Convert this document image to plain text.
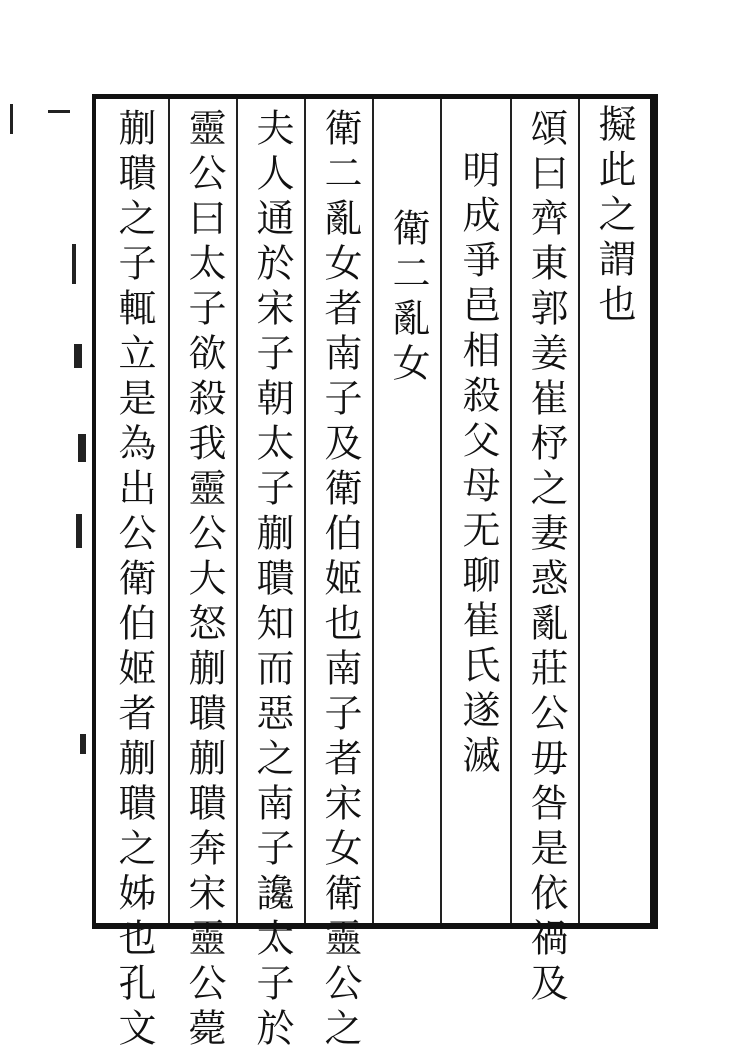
擬此之謂也
頌曰齊東郭姜崔杼之妻惑亂莊公毋咎是依禍及
明成爭邑相殺父母无聊崔氏遂滅
衛二亂女
衛二亂女者南子及衛伯姬也南子者宋女衛靈公之
夫人通於宋子朝太子蒯聵知而惡之南子讒太子於
靈公曰太子欲殺我靈公大怒蒯聵蒯聵奔宋靈公薨
蒯聵之子輒立是為出公衛伯姬者蒯聵之姊也孔文
